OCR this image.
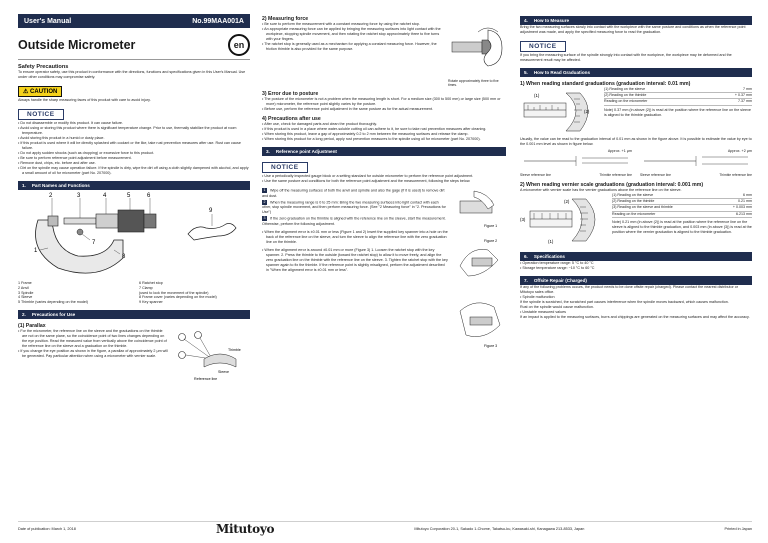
User's Manual	No.99MAA001A
Outside Micrometer	en
Safety Precautions
To ensure operator safety, use this product in conformance with the directions, functions and specifications given in this User's Manual. Use under other conditions may compromise safety.
⚠ CAUTION
Always handle the sharp measuring faces of this product with care to avoid injury.
NOTICE
• Do not disassemble or modify this product. It can cause failure.
• Avoid using or storing this product where there is significant temperature change. Prior to use, thermally stabilize the product at room temperature.
• Avoid storing this product in a humid or dusty place.
• If this product is used where it will be directly splashed with coolant or the like, take rust prevention measures after use. Rust can cause failure.
• Do not apply sudden shocks (such as dropping) or excessive force to this product.
• Be sure to perform reference point adjustment before measurement.
• Remove dust, chips, etc. before and after use.
• Dirt on the spindle may cause operation failure. If the spindle is dirty, wipe the dirt off using a cloth slightly dampened with alcohol, and apply a small amount of oil for micrometer (part No. 207000).
1. Part Names and Functions
2	3	4	5	6
7
1
8
9
1 Frame
2 Anvil
3 Spindle
4 Sleeve
5 Thimble (varies depending on the model)
6 Ratchet stop
7 Clamp
(used to lock the movement of the spindle)
8 Frame cover (varies depending on the model)
9 Key spanner
2. Precautions for Use
(1) Parallax
• For the micrometer, the reference line on the sleeve and the graduations on the thimble are not on the same plane, so the coincidence point of two lines changes depending on the eye position. Read the measured value from vertically above the coincidence point of the reference line on the sleeve and a graduation on the thimble.
• If you change the eye position as shown in the figure, a parallax of approximately 2 μm will be generated. Pay particular attention when using a micrometer with vernier scale.
Thimble
Sleeve
Reference line
2) Measuring force
• Be sure to perform the measurement with a constant measuring force by using the ratchet stop.
• An appropriate measuring force can be applied by bringing the measuring surfaces into light contact with the workpiece, stopping spindle movement, and then rotating the ratchet stop approximately three to five turns with your fingers.
• The ratchet stop is generally used as a mechanism for applying a constant measuring force. However, the friction thimble is also provided for the same purpose.
Rotate approximately three to five times.
3) Error due to posture
• The posture of the micrometer is not a problem when the measuring length is short. For a medium size (300 to 500 mm) or large size (500 mm or more) micrometer, the reference point slightly varies by the posture.
• Before use, perform the reference point adjustment in the same posture as for the actual measurement.
4) Precautions after use
• After use, check for damaged parts and clean the product thoroughly.
• If this product is used in a place where water-soluble cutting oil can adhere to it, be sure to take rust prevention measures after cleaning.
• When storing this product, leave a gap of approximately 0.2 to 2 mm between the measuring surfaces and release the clamp.
• When storing this product for a long period, apply rust prevention measures to the spindle using oil for micrometer (part No. 207000).
3. Reference point Adjustment
NOTICE
• Use a periodically inspected gauge block or a setting standard for outside micrometer to perform the reference point adjustment.
• Use the same posture and conditions for both the reference point adjustment and the measurement, following the steps below.
1 Wipe off the measuring surfaces of both the anvil and spindle and also the gage (if it is used) to remove dirt and dust.
2 When the measuring range is 0 to 25 mm: Bring the two measuring surfaces into light contact with each other, stop spindle movement, and then perform measuring force. (See "2 Measuring force" in "2. Precautions for Use")
3 If the zero graduation on the thimble is aligned with the reference line on the sleeve, start the measurement. Otherwise, perform the following adjustment.
• When the alignment error is ±0.01 mm or less (Figure 1 and 2) Insert the supplied key spanner into a hole on the back of the reference line on the sleeve, and turn the sleeve to align the reference line with the zero graduation line on the thimble.
• When the alignment error is around ±0.01 mm or more (Figure 3) 1. Loosen the ratchet stop with the key spanner. 2. Press the thimble to the outside (toward the ratchet stop) to allow it to move freely, and align the zero graduation line on the thimble with the reference line on the sleeve. 3. Tighten the ratchet stop with the key spanner again to fix the thimble. If the reference point is slightly misaligned, perform the adjustment described in "When the alignment error is ±0.01 mm or less".
Figure 1

Figure 2

Figure 3
4. How to Measure
Bring the two measuring surfaces slowly into contact with the workpiece with the same posture and conditions as when the reference point adjustment was made, and apply the specified measuring force to read the graduation.
NOTICE
If you bring the measuring surface of the spindle strongly into contact with the workpiece, the workpiece may be deformed and the measurement result may be affected.
5. How to Read Graduations
1) When reading standard graduations (graduation interval: 0.01 mm)
(1)
(2)
(1) Reading on the sleeve	7 mm
(2) Reading on the thimble	+ 0.37 mm
Reading on the micrometer	7.37 mm
Note) 0.37 mm (in above (2)) is read at the position where the reference line on the sleeve is aligned to the thimble graduation.
Usually, the value can be read to the graduation interval of 0.01 mm as shown in the figure above. It is possible to estimate the value by eye to the 0.001 mm level as shown in figure below.
Approx. +1 μm
Sleeve reference line	Thimble reference line
Approx. +2 μm
Sleeve reference line	Thimble reference line
2) When reading vernier scale graduations (graduation interval: 0.001 mm)
A micrometer with vernier scale has the vernier graduations above the reference line on the sleeve.
(3)
(2)
(1)
(1) Reading on the sleeve	6 mm
(2) Reading on the thimble	0.21 mm
(3) Reading on the sleeve and thimble	+ 0.003 mm
Reading on the micrometer	6.213 mm
Note) 0.21 mm (in above (2)) is read at the position where the reference line on the sleeve is aligned to the thimble graduation, and 0.003 mm (in above (3)) is read at the position where the vernier graduation is aligned to the thimble graduation.
6. Specifications
• Operation temperature range: 5 °C to 40 °C
• Storage temperature range: −10 °C to 60 °C
7. Offsite Repair (Charged)
If any of the following problems occurs, the product needs to be done offsite repair (charged). Please contact the nearest distributor or Mitutoyo sales office.
• Spindle malfunction
If the spindle is scratched, the scratched part causes interference when the spindle moves backward, which causes malfunction.
Rust on the spindle would cause malfunction.
• Unstable measured values
If an impact is applied to the measuring surfaces, burrs and chippings are generated on the measuring surfaces and may affect the accuracy.
Date of publication: March 1, 2018	Mitutoyo	Mitutoyo Corporation 20-1, Sakado 1-Chome, Takatsu-ku, Kawasaki-shi, Kanagawa 213-8533, Japan	Printed in Japan
